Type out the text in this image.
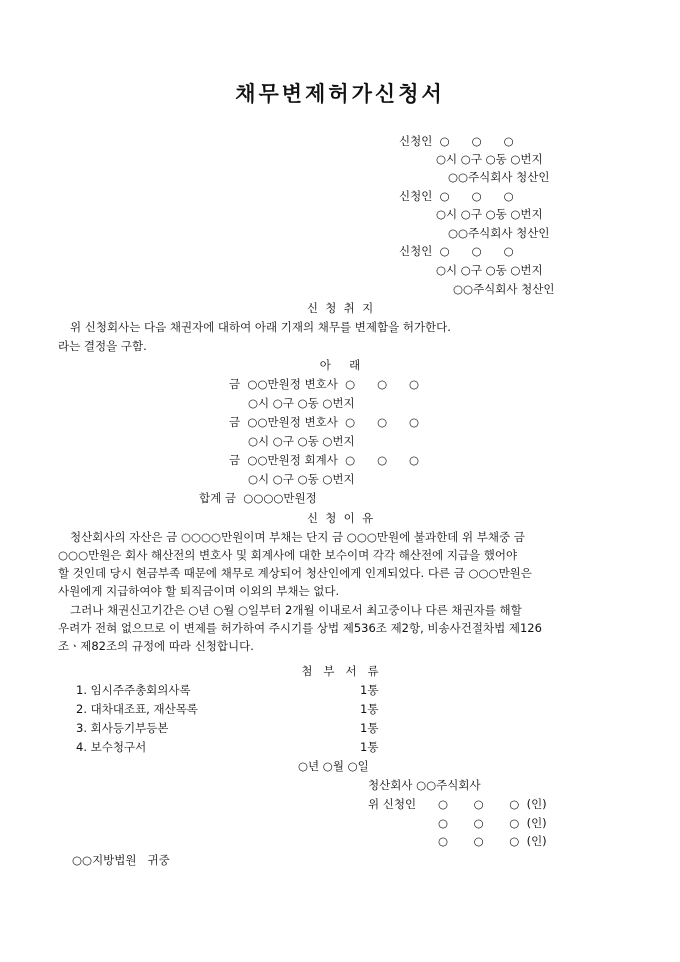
채무변제허가신청서
신청인  ○      ○      ○
○시 ○구 ○동 ○번지
○○주식회사 청산인
신청인  ○      ○      ○
○시 ○구 ○동 ○번지
○○주식회사 청산인
신청인  ○      ○      ○
○시 ○구 ○동 ○번지
○○주식회사 청산인
신  청  취  지
위 신청회사는 다음 채권자에 대하여 아래 기재의 채무를 변제함을 허가한다.
라는 결정을 구함.
아     래
금  ○○만원정 변호사  ○      ○      ○
○시 ○구 ○동 ○번지
금  ○○만원정 변호사  ○      ○      ○
○시 ○구 ○동 ○번지
금  ○○만원정 회계사  ○      ○      ○
○시 ○구 ○동 ○번지
합계 금  ○○○○만원정
신  청  이  유
청산회사의 자산은 금 ○○○○만원이며 부채는 단지 금 ○○○만원에 불과한데 위 부채중 금
○○○만원은 회사 해산전의 변호사 및 회계사에 대한 보수이며 각각 해산전에 지급을 했어야
할 것인데 당시 현금부족 때문에 채무로 계상되어 청산인에게 인계되었다. 다른 금 ○○○만원은
사원에게 지급하여야 할 퇴직금이며 이외의 부채는 없다.
그러나 채권신고기간은 ○년 ○월 ○일부터 2개월 이내로서 최고중이나 다른 채권자를 해할
우려가 전혀 없으므로 이 변제를 허가하여 주시기를 상법 제536조 제2항, 비송사건절차법 제126
조ㆍ제82조의 규정에 따라 신청합니다.
첨   부   서   류
1. 임시주주총회의사록	1통
2. 대차대조표, 재산목록	1통
3. 회사등기부등본	1통
4. 보수청구서	1통
○년 ○월 ○일
청산회사 ○○주식회사
위 신청인 ○       ○       ○  (인)
○       ○       ○  (인)
○       ○       ○  (인)
○○지방법원   귀중
